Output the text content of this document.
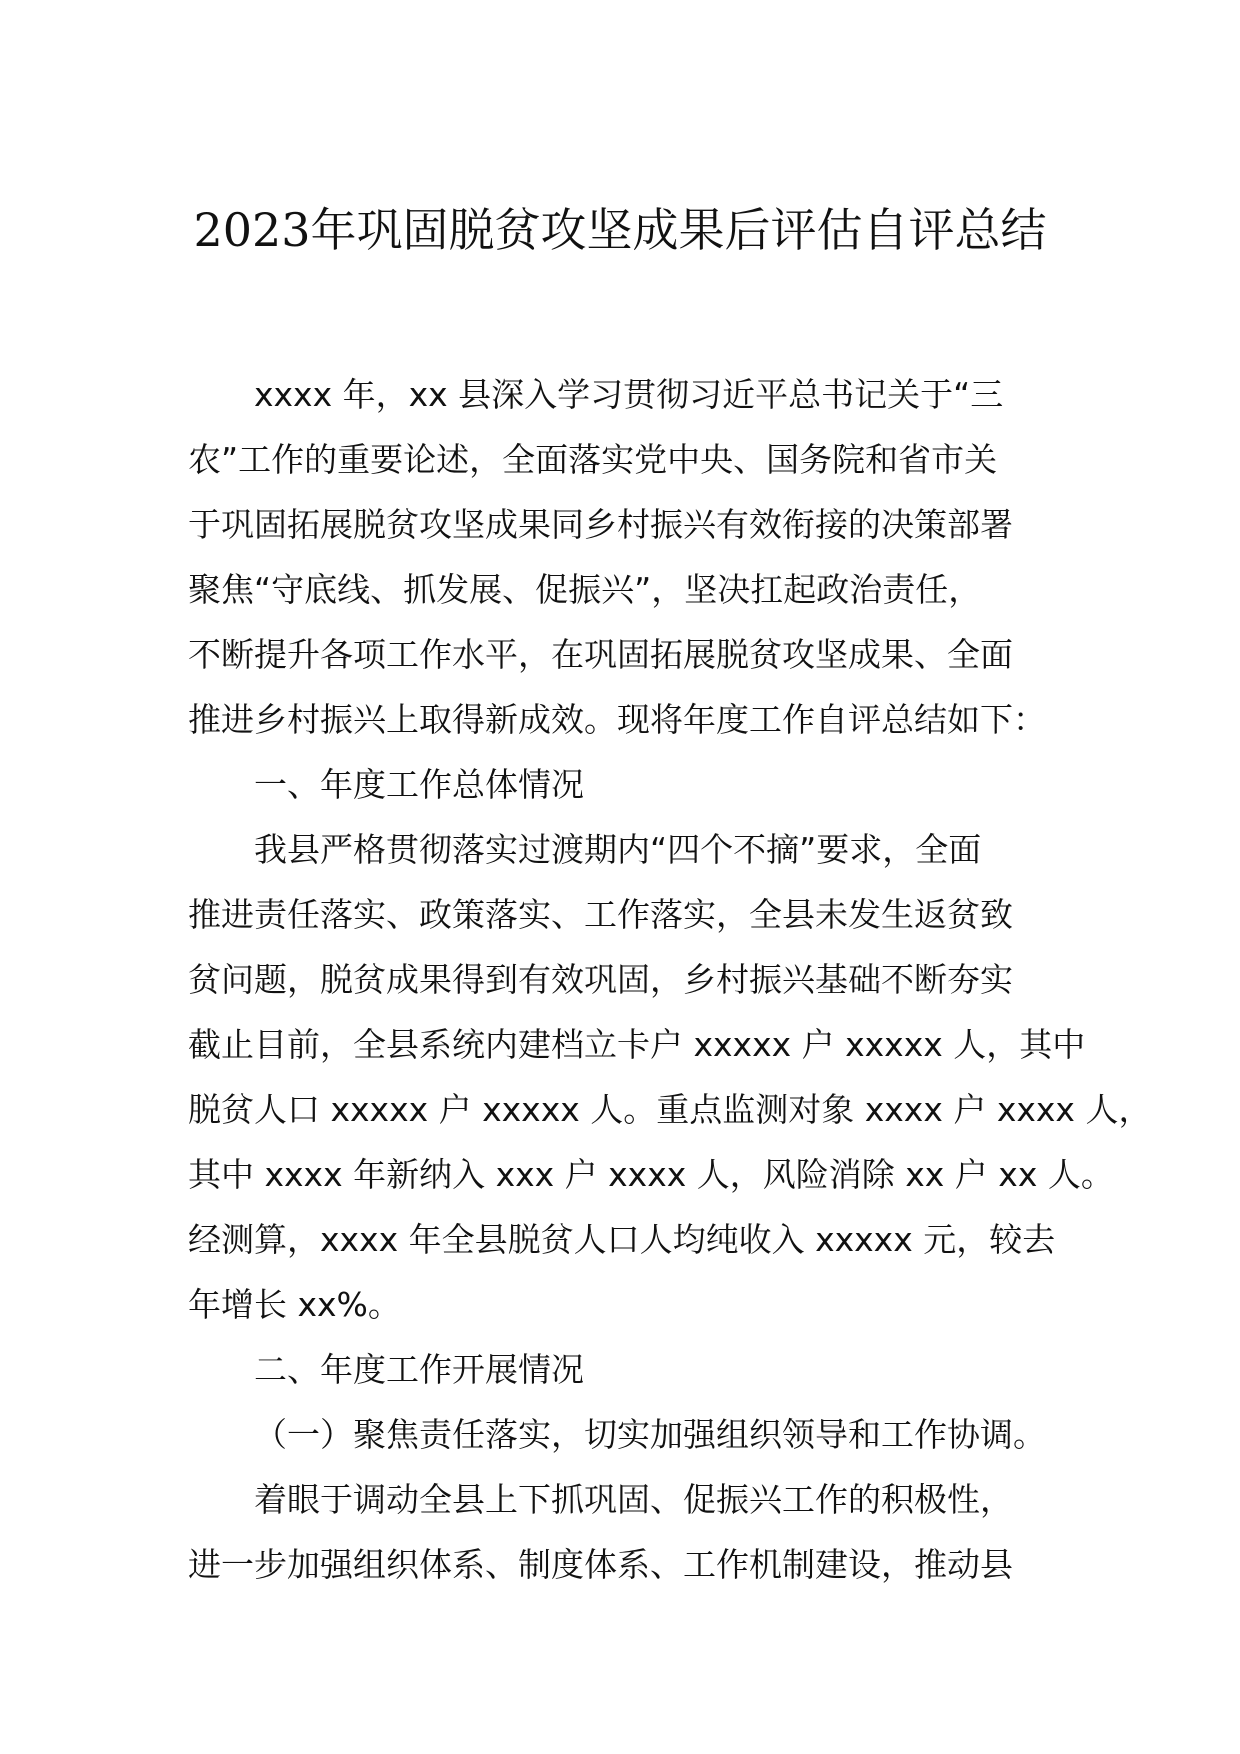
2023年巩固脱贫攻坚成果后评估自评总结
xxxx 年，xx 县深入学习贯彻习近平总书记关于“三
农”工作的重要论述，全面落实党中央、国务院和省市关
于巩固拓展脱贫攻坚成果同乡村振兴有效衔接的决策部署
聚焦“守底线、抓发展、促振兴”，坚决扛起政治责任，
不断提升各项工作水平，在巩固拓展脱贫攻坚成果、全面
推进乡村振兴上取得新成效。现将年度工作自评总结如下：
一、年度工作总体情况
我县严格贯彻落实过渡期内“四个不摘”要求，全面
推进责任落实、政策落实、工作落实，全县未发生返贫致
贫问题，脱贫成果得到有效巩固，乡村振兴基础不断夯实
截止目前，全县系统内建档立卡户 xxxxx 户 xxxxx 人，其中
脱贫人口 xxxxx 户 xxxxx 人。重点监测对象 xxxx 户 xxxx 人，
其中 xxxx 年新纳入 xxx 户 xxxx 人，风险消除 xx 户 xx 人。
经测算，xxxx 年全县脱贫人口人均纯收入 xxxxx 元，较去
年增长 xx%。
二、年度工作开展情况
（一）聚焦责任落实，切实加强组织领导和工作协调。
着眼于调动全县上下抓巩固、促振兴工作的积极性，
进一步加强组织体系、制度体系、工作机制建设，推动县
